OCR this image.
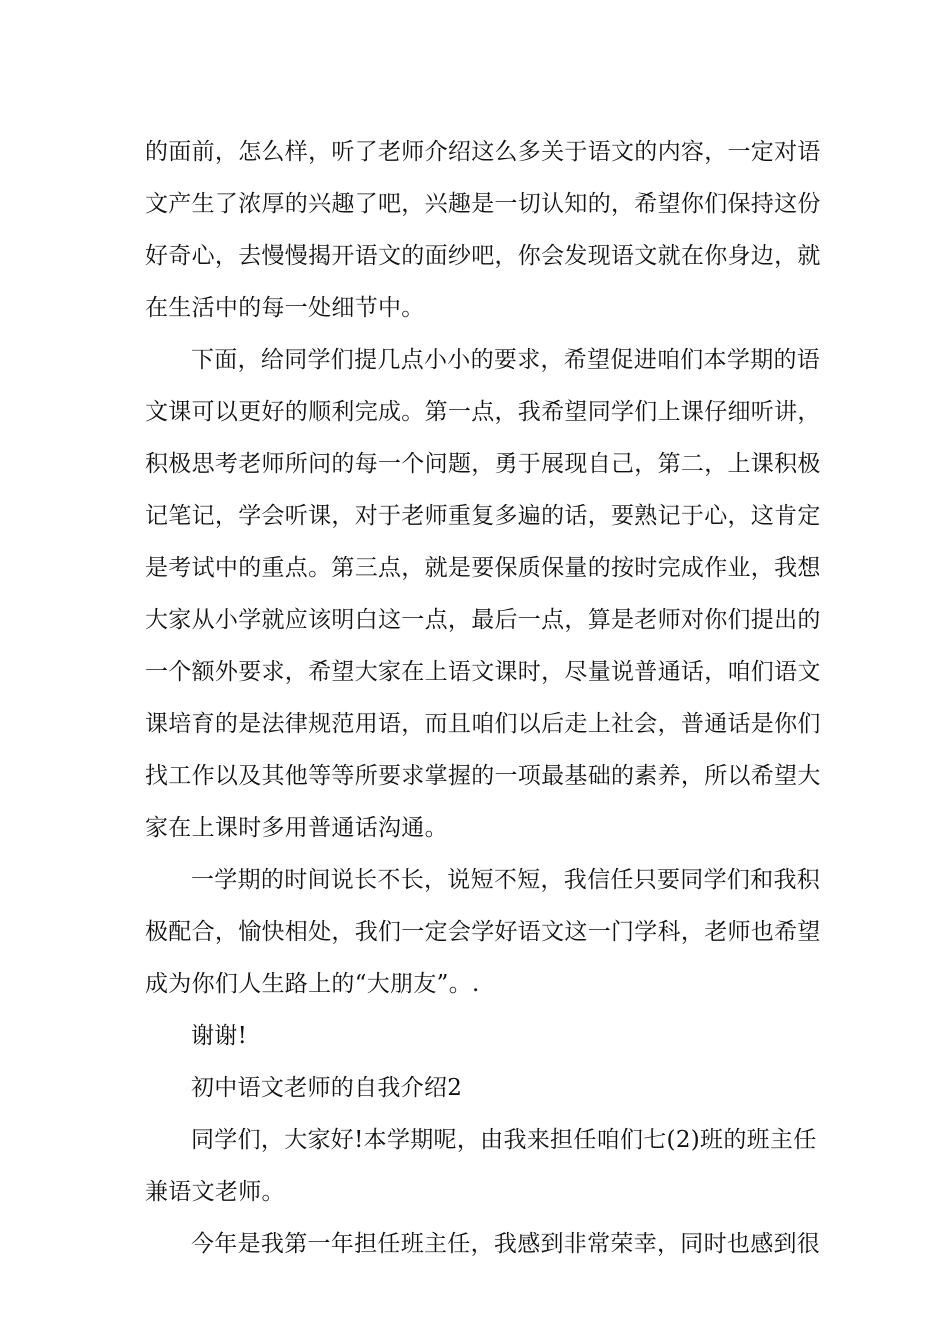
的面前，怎么样，听了老师介绍这么多关于语文的内容，一定对语
文产生了浓厚的兴趣了吧，兴趣是一切认知的，希望你们保持这份
好奇心，去慢慢揭开语文的面纱吧，你会发现语文就在你身边，就
在生活中的每一处细节中。
下面，给同学们提几点小小的要求，希望促进咱们本学期的语
文课可以更好的顺利完成。第一点，我希望同学们上课仔细听讲，
积极思考老师所问的每一个问题，勇于展现自己，第二，上课积极
记笔记，学会听课，对于老师重复多遍的话，要熟记于心，这肯定
是考试中的重点。第三点，就是要保质保量的按时完成作业，我想
大家从小学就应该明白这一点，最后一点，算是老师对你们提出的
一个额外要求，希望大家在上语文课时，尽量说普通话，咱们语文
课培育的是法律规范用语，而且咱们以后走上社会，普通话是你们
找工作以及其他等等所要求掌握的一项最基础的素养，所以希望大
家在上课时多用普通话沟通。
一学期的时间说长不长，说短不短，我信任只要同学们和我积
极配合，愉快相处，我们一定会学好语文这一门学科，老师也希望
成为你们人生路上的“大朋友”。.
谢谢!
初中语文老师的自我介绍2
同学们，大家好!本学期呢，由我来担任咱们七(2)班的班主任
兼语文老师。
今年是我第一年担任班主任，我感到非常荣幸，同时也感到很
